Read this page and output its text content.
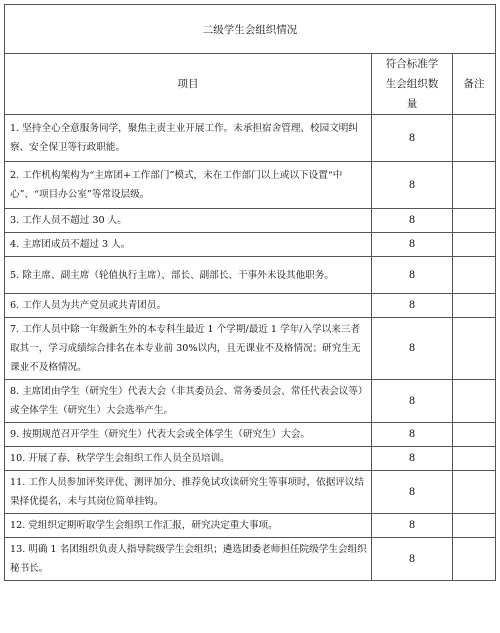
二级学生会组织情况		
项目	符合标准学生会组织数量	备注
1. 坚持全心全意服务同学，聚焦主责主业开展工作。未承担宿舍管理、校园文明纠察、安全保卫等行政职能。	8	
2. 工作机构架构为“主席团+工作部门”模式，未在工作部门以上或以下设置“中心”、“项目办公室”等常设层级。	8	
3. 工作人员不超过 30 人。	8	
4. 主席团成员不超过 3 人。	8	
5. 除主席、副主席（轮值执行主席）、部长、副部长、干事外未设其他职务。	8	
6. 工作人员为共产党员或共青团员。	8	
7. 工作人员中除一年级新生外的本专科生最近 1 个学期/最近 1 学年/入学以来三者取其一，学习成绩综合排名在本专业前 30%以内，且无课业不及格情况；研究生无课业不及格情况。	8	
8. 主席团由学生（研究生）代表大会（非其委员会、常务委员会、常任代表会议等）或全体学生（研究生）大会选举产生。	8	
9. 按期规范召开学生（研究生）代表大会或全体学生（研究生）大会。	8	
10. 开展了春、秋学学生会组织工作人员全员培训。	8	
11. 工作人员参加评奖评优、测评加分、推荐免试攻读研究生等事项时，依据评议结果择优提名，未与其岗位简单挂钩。	8	
12. 党组织定期听取学生会组织工作汇报，研究决定重大事项。	8	
13. 明确 1 名团组织负责人指导院级学生会组织；遴选团委老师担任院级学生会组织秘书长。	8	
